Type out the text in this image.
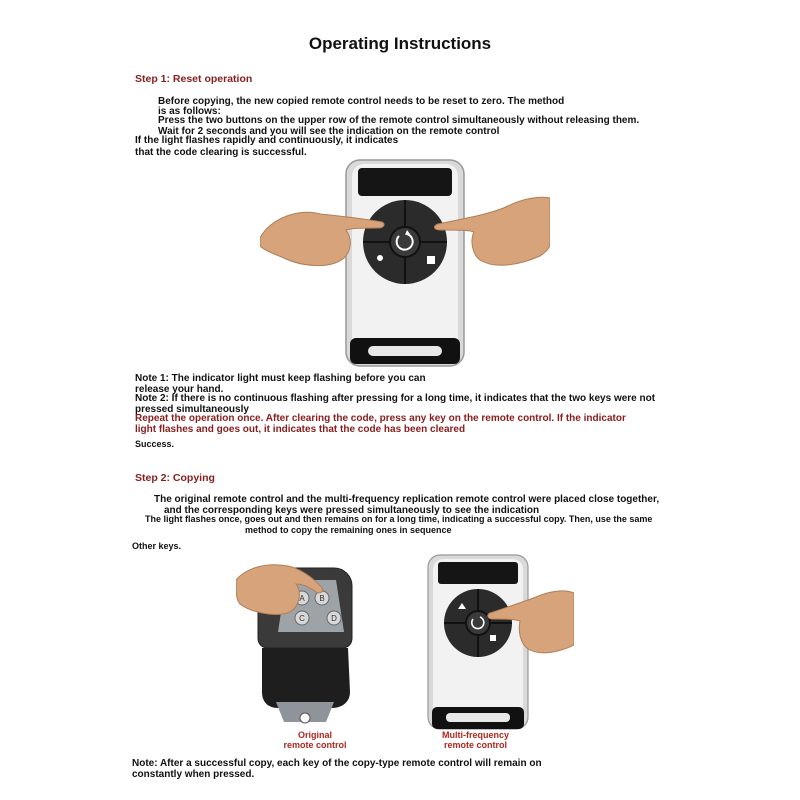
Operating Instructions
Step 1: Reset operation
Before copying, the new copied remote control needs to be reset to zero. The method
is as follows:
Press the two buttons on the upper row of the remote control simultaneously without releasing them.
Wait for 2 seconds and you will see the indication on the remote control
If the light flashes rapidly and continuously, it indicates
that the code clearing is successful.
Note 1: The indicator light must keep flashing before you can
release your hand.
Note 2: If there is no continuous flashing after pressing for a long time, it indicates that the two keys were not
pressed simultaneously
Repeat the operation once. After clearing the code, press any key on the remote control. If the indicator
light flashes and goes out, it indicates that the code has been cleared
Success.
Step 2: Copying
The original remote control and the multi-frequency replication remote control were placed close together,
and the corresponding keys were pressed simultaneously to see the indication
The light flashes once, goes out and then remains on for a long time, indicating a successful copy. Then, use the same
method to copy the remaining ones in sequence
Other keys.
A B
C	D
Original
remote control
Multi-frequency
remote control
Note: After a successful copy, each key of the copy-type remote control will remain on
constantly when pressed.
